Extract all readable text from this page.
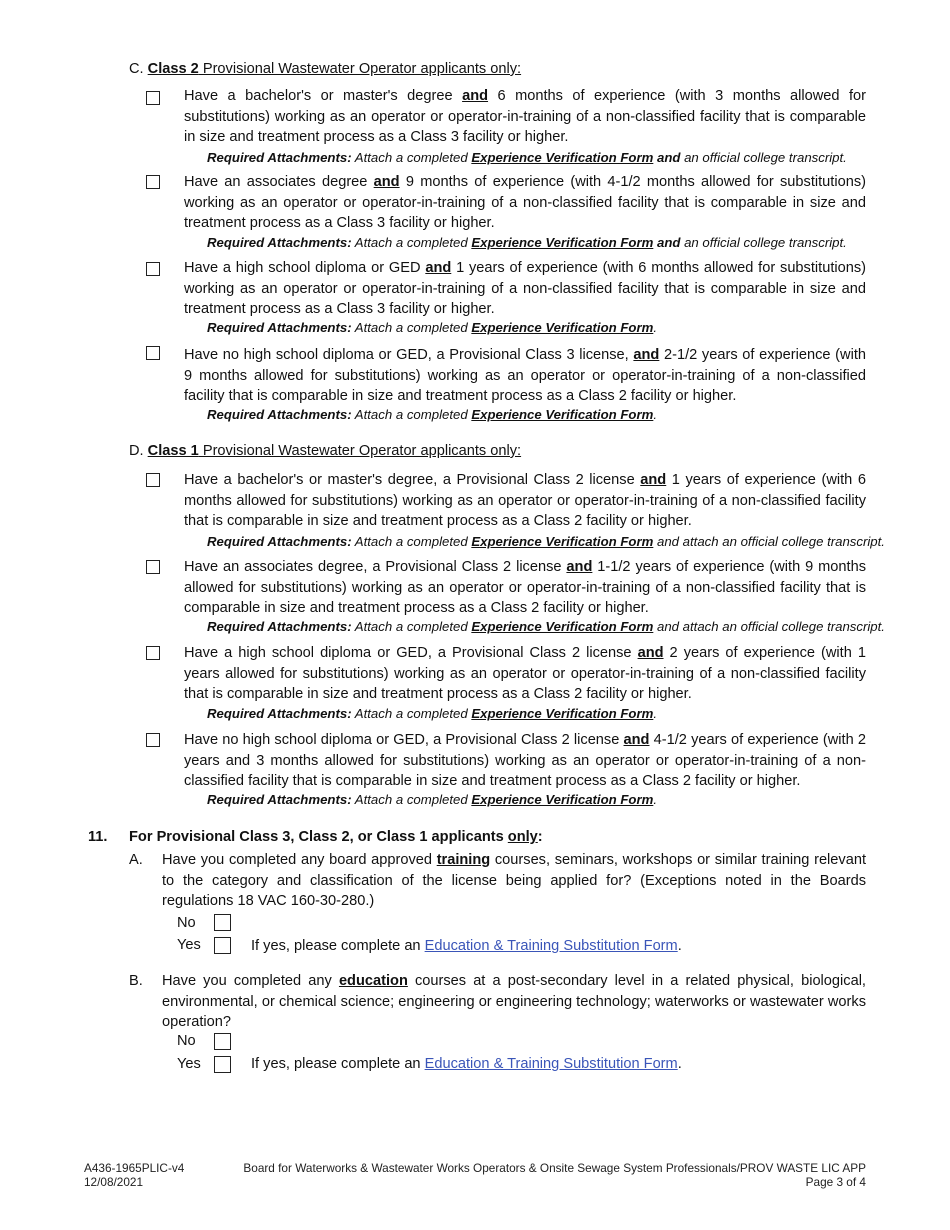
C. Class 2 Provisional Wastewater Operator applicants only:
Have a bachelor's or master's degree and 6 months of experience (with 3 months allowed for substitutions) working as an operator or operator-in-training of a non-classified facility that is comparable in size and treatment process as a Class 3 facility or higher.
Required Attachments: Attach a completed Experience Verification Form and an official college transcript.
Have an associates degree and 9 months of experience (with 4-1/2 months allowed for substitutions) working as an operator or operator-in-training of a non-classified facility that is comparable in size and treatment process as a Class 3 facility or higher.
Required Attachments: Attach a completed Experience Verification Form and an official college transcript.
Have a high school diploma or GED and 1 years of experience (with 6 months allowed for substitutions) working as an operator or operator-in-training of a non-classified facility that is comparable in size and treatment process as a Class 3 facility or higher.
Required Attachments: Attach a completed Experience Verification Form.
Have no high school diploma or GED, a Provisional Class 3 license, and 2-1/2 years of experience (with 9 months allowed for substitutions) working as an operator or operator-in-training of a non-classified facility that is comparable in size and treatment process as a Class 2 facility or higher.
Required Attachments: Attach a completed Experience Verification Form.
D. Class 1 Provisional Wastewater Operator applicants only:
Have a bachelor's or master's degree, a Provisional Class 2 license and 1 years of experience (with 6 months allowed for substitutions) working as an operator or operator-in-training of a non-classified facility that is comparable in size and treatment process as a Class 2 facility or higher.
Required Attachments: Attach a completed Experience Verification Form and attach an official college transcript.
Have an associates degree, a Provisional Class 2 license and 1-1/2 years of experience (with 9 months allowed for substitutions) working as an operator or operator-in-training of a non-classified facility that is comparable in size and treatment process as a Class 2 facility or higher.
Required Attachments: Attach a completed Experience Verification Form and attach an official college transcript.
Have a high school diploma or GED, a Provisional Class 2 license and 2 years of experience (with 1 years allowed for substitutions) working as an operator or operator-in-training of a non-classified facility that is comparable in size and treatment process as a Class 2 facility or higher.
Required Attachments: Attach a completed Experience Verification Form.
Have no high school diploma or GED, a Provisional Class 2 license and 4-1/2 years of experience (with 2 years and 3 months allowed for substitutions) working as an operator or operator-in-training of a non-classified facility that is comparable in size and treatment process as a Class 2 facility or higher.
Required Attachments: Attach a completed Experience Verification Form.
11. For Provisional Class 3, Class 2, or Class 1 applicants only:
A. Have you completed any board approved training courses, seminars, workshops or similar training relevant to the category and classification of the license being applied for? (Exceptions noted in the Boards regulations 18 VAC 160-30-280.)
No
Yes	If yes, please complete an Education & Training Substitution Form.
B. Have you completed any education courses at a post-secondary level in a related physical, biological, environmental, or chemical science; engineering or engineering technology; waterworks or wastewater works operation?
No
Yes	If yes, please complete an Education & Training Substitution Form.
A436-1965PLIC-v4
12/08/2021
Board for Waterworks & Wastewater Works Operators & Onsite Sewage System Professionals/PROV WASTE LIC APP
Page 3 of 4
